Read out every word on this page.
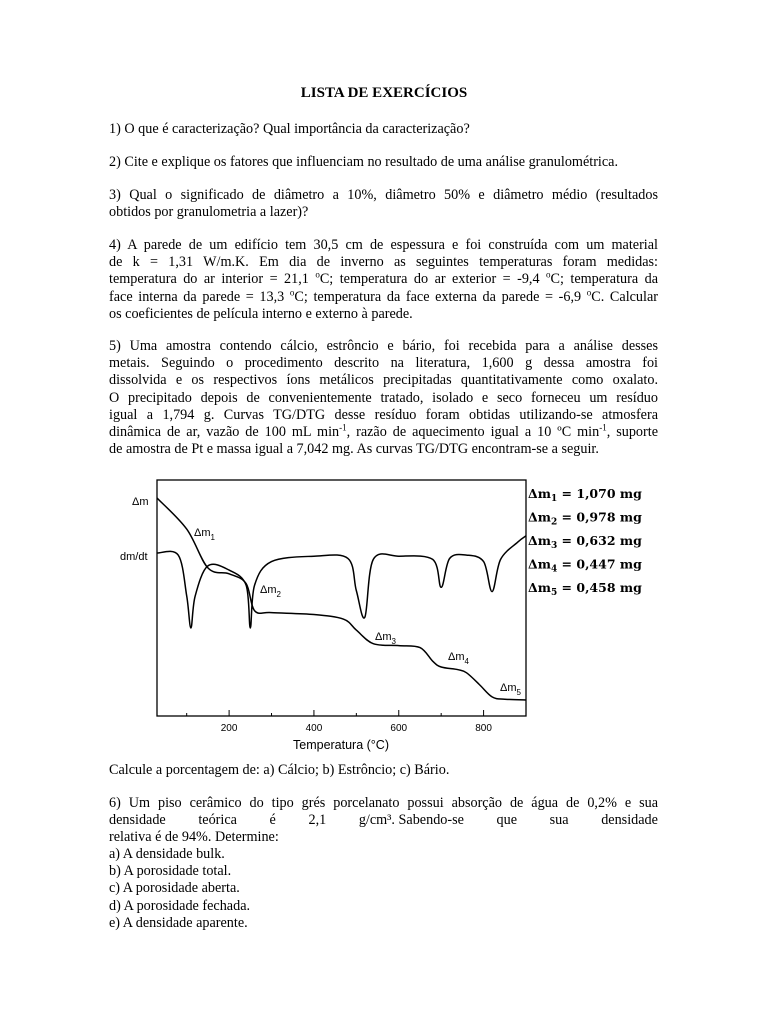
LISTA DE EXERCÍCIOS
1) O que é caracterização? Qual importância da caracterização?
2) Cite e explique os fatores que influenciam no resultado de uma análise granulométrica.
3) Qual o significado de diâmetro a 10%, diâmetro 50% e diâmetro médio (resultados
obtidos por granulometria a lazer)?
4) A parede de um edifício tem 30,5 cm de espessura e foi construída com um material
de k = 1,31 W/m.K. Em dia de inverno as seguintes temperaturas foram medidas:
temperatura do ar interior = 21,1 $^o$C; temperatura do ar exterior = -9,4 $^o$C; temperatura da
face interna da parede = 13,3 $^o$C; temperatura da face externa da parede = -6,9 $^o$C. Calcular
os coeficientes de película interno e externo à parede.
5) Uma amostra contendo cálcio, estrôncio e bário, foi recebida para a análise desses
metais. Seguindo o procedimento descrito na literatura, 1,600 g dessa amostra foi
dissolvida e os respectivos íons metálicos precipitadas quantitativamente como oxalato.
O precipitado depois de convenientemente tratado, isolado e seco forneceu um resíduo
igual a 1,794 g. Curvas TG/DTG desse resíduo foram obtidas utilizando-se atmosfera
dinâmica de ar, vazão de 100 mL $\min^{-1}$, razão de aquecimento igual a 10 ºC $\min^{-1}$, suporte
de amostra de Pt e massa igual a 7,042 mg. As curvas TG/DTG encontram-se a seguir.
Δm
dm/dt
200	400	600	800
Temperatura (°C)
$\Delta m_1$
$\Delta m_2$
$\Delta m_3$
$\Delta m_4$
$\Delta m_5$
$\Delta m_1 = 1,070$ mg
$\Delta m_2 = 0,978$ mg
$\Delta m_3 = 0,632$ mg
$\Delta m_4 = 0,447$ mg
$\Delta m_5 = 0,458$ mg
Calcule a porcentagem de: a) Cálcio; b) Estrôncio; c) Bário.
6) Um piso cerâmico do tipo grés porcelanato possui absorção de água de 0,2% e sua
densidade teórica é 2,1 g/cm³. Sabendo-se que sua densidade
relativa é de 94%. Determine:
a) A densidade bulk.
b) A porosidade total.
c) A porosidade aberta.
d) A porosidade fechada.
e) A densidade aparente.
